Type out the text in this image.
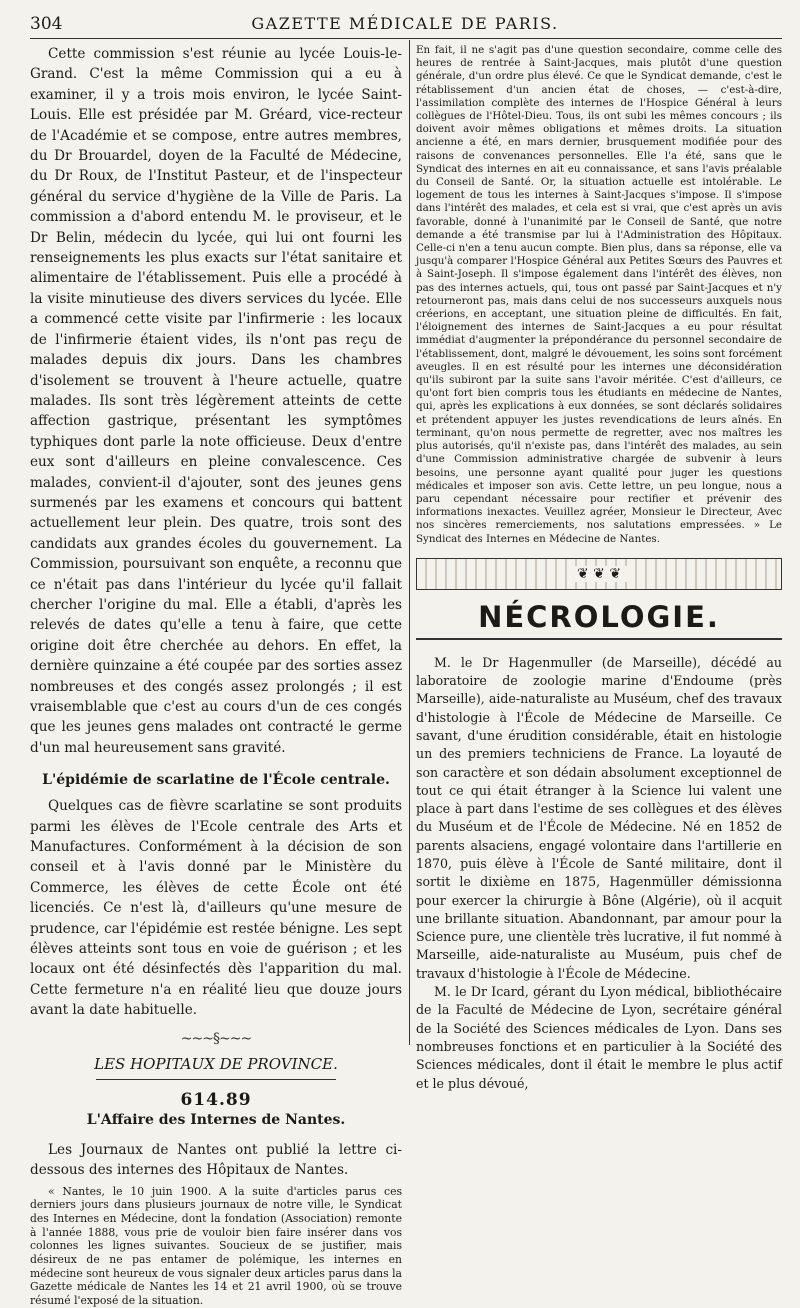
304	GAZETTE MÉDICALE DE PARIS.

Cette commission s'est réunie au lycée Louis-le-Grand. C'est la même Commission qui a eu à examiner, il y a trois mois environ, le lycée Saint-Louis. Elle est présidée par M. Gréard, vice-recteur de l'Académie et se compose, entre autres membres, du Dr Brouardel, doyen de la Faculté de Médecine, du Dr Roux, de l'Institut Pasteur, et de l'inspecteur général du service d'hygiène de la Ville de Paris. La commission a d'abord entendu M. le proviseur, et le Dr Belin, médecin du lycée, qui lui ont fourni les renseignements les plus exacts sur l'état sanitaire et alimentaire de l'établissement. Puis elle a procédé à la visite minutieuse des divers services du lycée. Elle a commencé cette visite par l'infirmerie : les locaux de l'infirmerie étaient vides, ils n'ont pas reçu de malades depuis dix jours. Dans les chambres d'isolement se trouvent à l'heure actuelle, quatre malades. Ils sont très légèrement atteints de cette affection gastrique, présentant les symptômes typhiques dont parle la note officieuse. Deux d'entre eux sont d'ailleurs en pleine convalescence. Ces malades, convient-il d'ajouter, sont des jeunes gens surmenés par les examens et concours qui battent actuellement leur plein. Des quatre, trois sont des candidats aux grandes écoles du gouvernement. La Commission, poursuivant son enquête, a reconnu que ce n'était pas dans l'intérieur du lycée qu'il fallait chercher l'origine du mal. Elle a établi, d'après les relevés de dates qu'elle a tenu à faire, que cette origine doit être cherchée au dehors. En effet, la dernière quinzaine a été coupée par des sorties assez nombreuses et des congés assez prolongés ; il est vraisemblable que c'est au cours d'un de ces congés que les jeunes gens malades ont contracté le germe d'un mal heureusement sans gravité.

L'épidémie de scarlatine de l'École centrale.

Quelques cas de fièvre scarlatine se sont produits parmi les élèves de l'Ecole centrale des Arts et Manufactures. Conformément à la décision de son conseil et à l'avis donné par le Ministère du Commerce, les élèves de cette École ont été licenciés. Ce n'est là, d'ailleurs qu'une mesure de prudence, car l'épidémie est restée bénigne. Les sept élèves atteints sont tous en voie de guérison ; et les locaux ont été désinfectés dès l'apparition du mal. Cette fermeture n'a en réalité lieu que douze jours avant la date habituelle.

~~~§~~~
LES HOPITAUX DE PROVINCE.
614.89
L'Affaire des Internes de Nantes.

Les Journaux de Nantes ont publié la lettre ci-dessous des internes des Hôpitaux de Nantes.

« Nantes, le 10 juin 1900. A la suite d'articles parus ces derniers jours dans plusieurs journaux de notre ville, le Syndicat des Internes en Médecine, dont la fondation (Association) remonte à l'année 1888, vous prie de vouloir bien faire insérer dans vos colonnes les lignes suivantes. Soucieux de se justifier, mais désireux de ne pas entamer de polémique, les internes en médecine sont heureux de vous signaler deux articles parus dans la Gazette médicale de Nantes les 14 et 21 avril 1900, où se trouve résumé l'exposé de la situation.

En fait, il ne s'agit pas d'une question secondaire, comme celle des heures de rentrée à Saint-Jacques, mais plutôt d'une question générale, d'un ordre plus élevé. Ce que le Syndicat demande, c'est le rétablissement d'un ancien état de choses, — c'est-à-dire, l'assimilation complète des internes de l'Hospice Général à leurs collègues de l'Hôtel-Dieu. Tous, ils ont subi les mêmes concours ; ils doivent avoir mêmes obligations et mêmes droits. La situation ancienne a été, en mars dernier, brusquement modifiée pour des raisons de convenances personnelles. Elle l'a été, sans que le Syndicat des internes en ait eu connaissance, et sans l'avis préalable du Conseil de Santé. Or, la situation actuelle est intolérable. Le logement de tous les internes à Saint-Jacques s'impose. Il s'impose dans l'intérêt des malades, et cela est si vrai, que c'est après un avis favorable, donné à l'unanimité par le Conseil de Santé, que notre demande a été transmise par lui à l'Administration des Hôpitaux. Celle-ci n'en a tenu aucun compte. Bien plus, dans sa réponse, elle va jusqu'à comparer l'Hospice Général aux Petites Sœurs des Pauvres et à Saint-Joseph. Il s'impose également dans l'intérêt des élèves, non pas des internes actuels, qui, tous ont passé par Saint-Jacques et n'y retourneront pas, mais dans celui de nos successeurs auxquels nous créerions, en acceptant, une situation pleine de difficultés. En fait, l'éloignement des internes de Saint-Jacques a eu pour résultat immédiat d'augmenter la prépondérance du personnel secondaire de l'établissement, dont, malgré le dévouement, les soins sont forcément aveugles. Il en est résulté pour les internes une déconsidération qu'ils subiront par la suite sans l'avoir méritée. C'est d'ailleurs, ce qu'ont fort bien compris tous les étudiants en médecine de Nantes, qui, après les explications à eux données, se sont déclarés solidaires et prétendent appuyer les justes revendications de leurs aînés. En terminant, qu'on nous permette de regretter, avec nos maîtres les plus autorisés, qu'il n'existe pas, dans l'intérêt des malades, au sein d'une Commission administrative chargée de subvenir à leurs besoins, une personne ayant qualité pour juger les questions médicales et imposer son avis. Cette lettre, un peu longue, nous a paru cependant nécessaire pour rectifier et prévenir des informations inexactes. Veuillez agréer, Monsieur le Directeur, Avec nos sincères remerciements, nos salutations empressées. » Le Syndicat des Internes en Médecine de Nantes.

❦ ❦ ❦
NÉCROLOGIE.

M. le Dr Hagenmuller (de Marseille), décédé au laboratoire de zoologie marine d'Endoume (près Marseille), aide-naturaliste au Muséum, chef des travaux d'histologie à l'École de Médecine de Marseille. Ce savant, d'une érudition considérable, était en histologie un des premiers techniciens de France. La loyauté de son caractère et son dédain absolument exceptionnel de tout ce qui était étranger à la Science lui valent une place à part dans l'estime de ses collègues et des élèves du Muséum et de l'École de Médecine. Né en 1852 de parents alsaciens, engagé volontaire dans l'artillerie en 1870, puis élève à l'École de Santé militaire, dont il sortit le dixième en 1875, Hagenmüller démissionna pour exercer la chirurgie à Bône (Algérie), où il acquit une brillante situation. Abandonnant, par amour pour la Science pure, une clientèle très lucrative, il fut nommé à Marseille, aide-naturaliste au Muséum, puis chef de travaux d'histologie à l'École de Médecine.

M. le Dr Icard, gérant du Lyon médical, bibliothécaire de la Faculté de Médecine de Lyon, secrétaire général de la Société des Sciences médicales de Lyon. Dans ses nombreuses fonctions et en particulier à la Société des Sciences médicales, dont il était le membre le plus actif et le plus dévoué,
